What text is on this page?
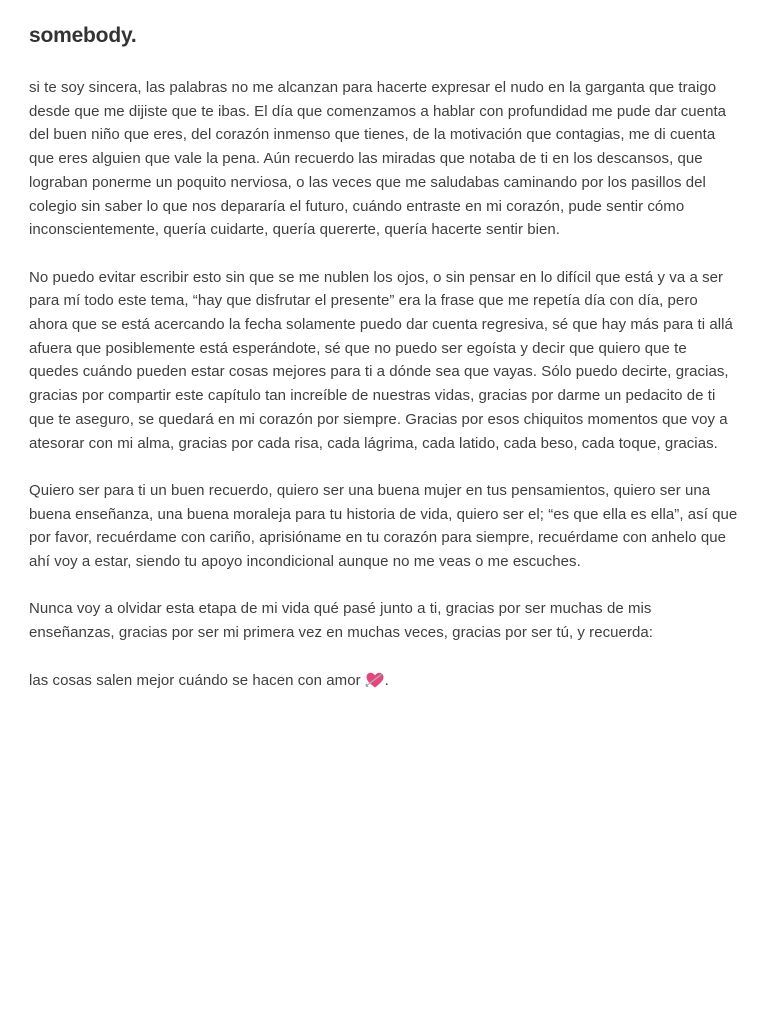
somebody.

si te soy sincera, las palabras no me alcanzan para hacerte expresar el nudo en la garganta que traigo desde que me dijiste que te ibas. El día que comenzamos a hablar con profundidad me pude dar cuenta del buen niño que eres, del corazón inmenso que tienes, de la motivación que contagias, me di cuenta que eres alguien que vale la pena. Aún recuerdo las miradas que notaba de ti en los descansos, que lograban ponerme un poquito nerviosa, o las veces que me saludabas caminando por los pasillos del colegio sin saber lo que nos depararía el futuro, cuándo entraste en mi corazón, pude sentir cómo inconscientemente, quería cuidarte, quería quererte, quería hacerte sentir bien.

No puedo evitar escribir esto sin que se me nublen los ojos, o sin pensar en lo difícil que está y va a ser para mí todo este tema, “hay que disfrutar el presente” era la frase que me repetía día con día, pero ahora que se está acercando la fecha solamente puedo dar cuenta regresiva, sé que hay más para ti allá afuera que posiblemente está esperándote, sé que no puedo ser egoísta y decir que quiero que te quedes cuándo pueden estar cosas mejores para ti a dónde sea que vayas. Sólo puedo decirte, gracias, gracias por compartir este capítulo tan increíble de nuestras vidas, gracias por darme un pedacito de ti que te aseguro, se quedará en mi corazón por siempre. Gracias por esos chiquitos momentos que voy a atesorar con mi alma, gracias por cada risa, cada lágrima, cada latido, cada beso, cada toque, gracias.

Quiero ser para ti un buen recuerdo, quiero ser una buena mujer en tus pensamientos, quiero ser una buena enseñanza, una buena moraleja para tu historia de vida, quiero ser el; “es que ella es ella”, así que por favor, recuérdame con cariño, aprisióname en tu corazón para siempre, recuérdame con anhelo que ahí voy a estar, siendo tu apoyo incondicional aunque no me veas o me escuches.

Nunca voy a olvidar esta etapa de mi vida qué pasé junto a ti, gracias por ser muchas de mis enseñanzas, gracias por ser mi primera vez en muchas veces, gracias por ser tú, y recuerda:

las cosas salen mejor cuándo se hacen con amor .
